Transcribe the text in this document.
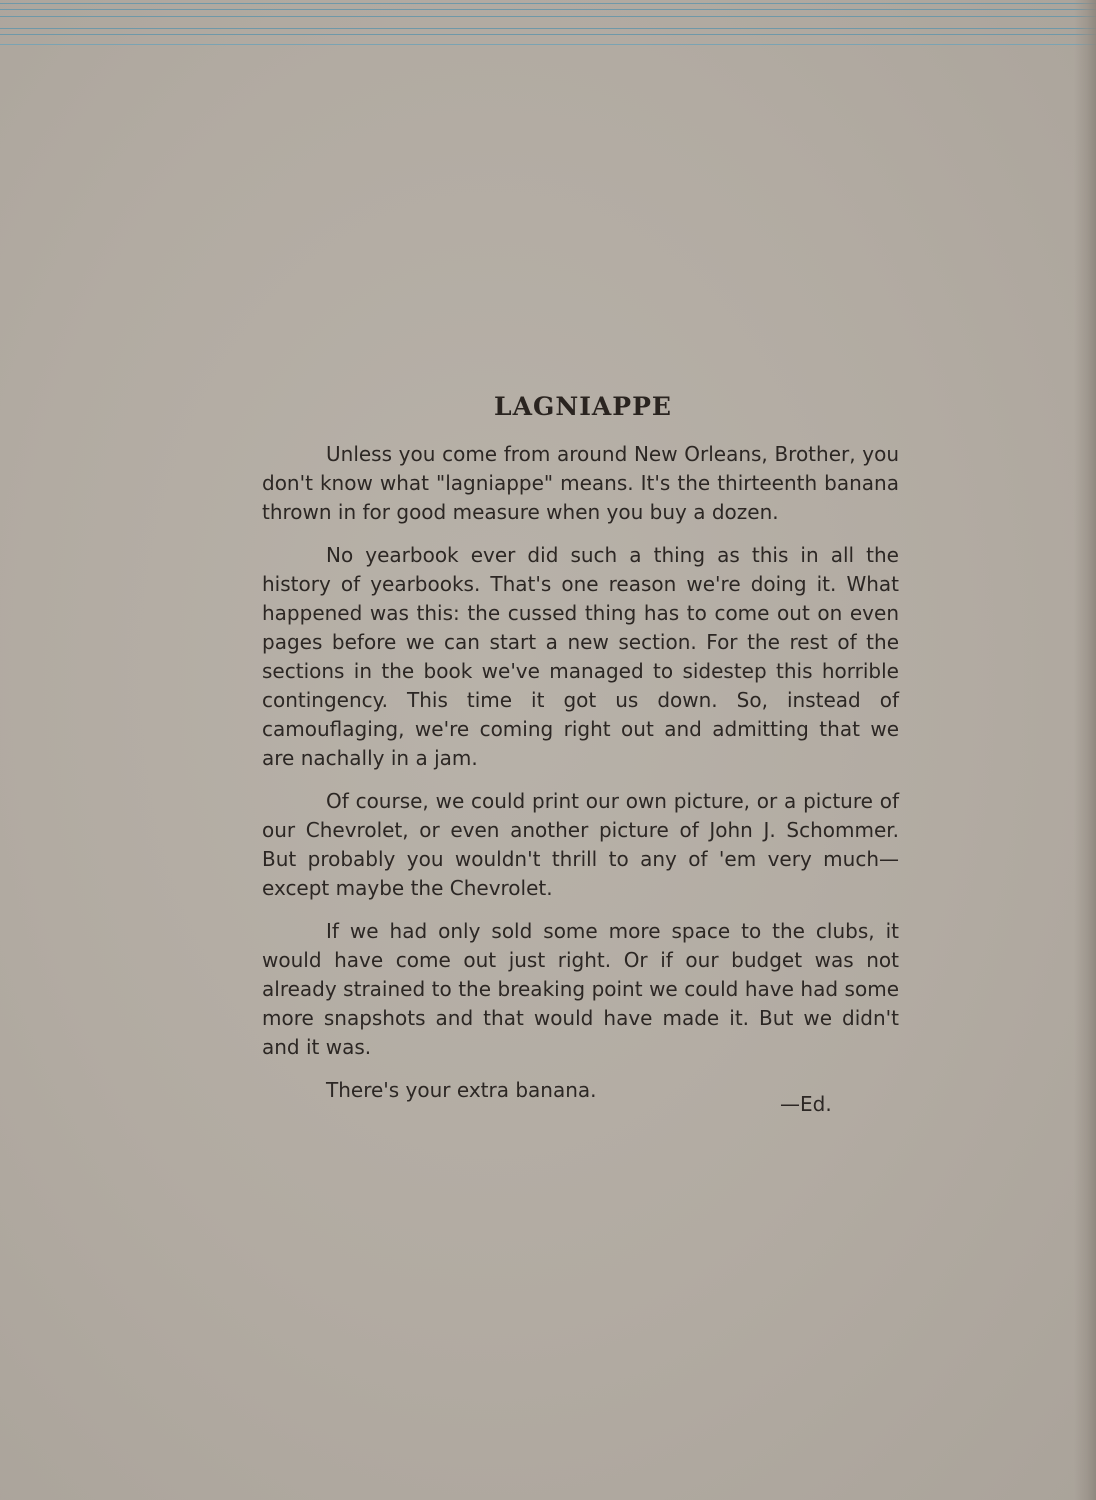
LAGNIAPPE

Unless you come from around New Orleans, Brother, you don't know what "lagniappe" means. It's the thirteenth banana thrown in for good measure when you buy a dozen.

No yearbook ever did such a thing as this in all the history of yearbooks. That's one reason we're doing it. What happened was this: the cussed thing has to come out on even pages before we can start a new section. For the rest of the sections in the book we've managed to sidestep this horrible contingency. This time it got us down. So, instead of camouflaging, we're coming right out and admitting that we are nachally in a jam.

Of course, we could print our own picture, or a picture of our Chevrolet, or even another picture of John J. Schommer. But probably you wouldn't thrill to any of 'em very much—except maybe the Chevrolet.

If we had only sold some more space to the clubs, it would have come out just right. Or if our budget was not already strained to the breaking point we could have had some more snapshots and that would have made it. But we didn't and it was.

There's your extra banana.

—Ed.
